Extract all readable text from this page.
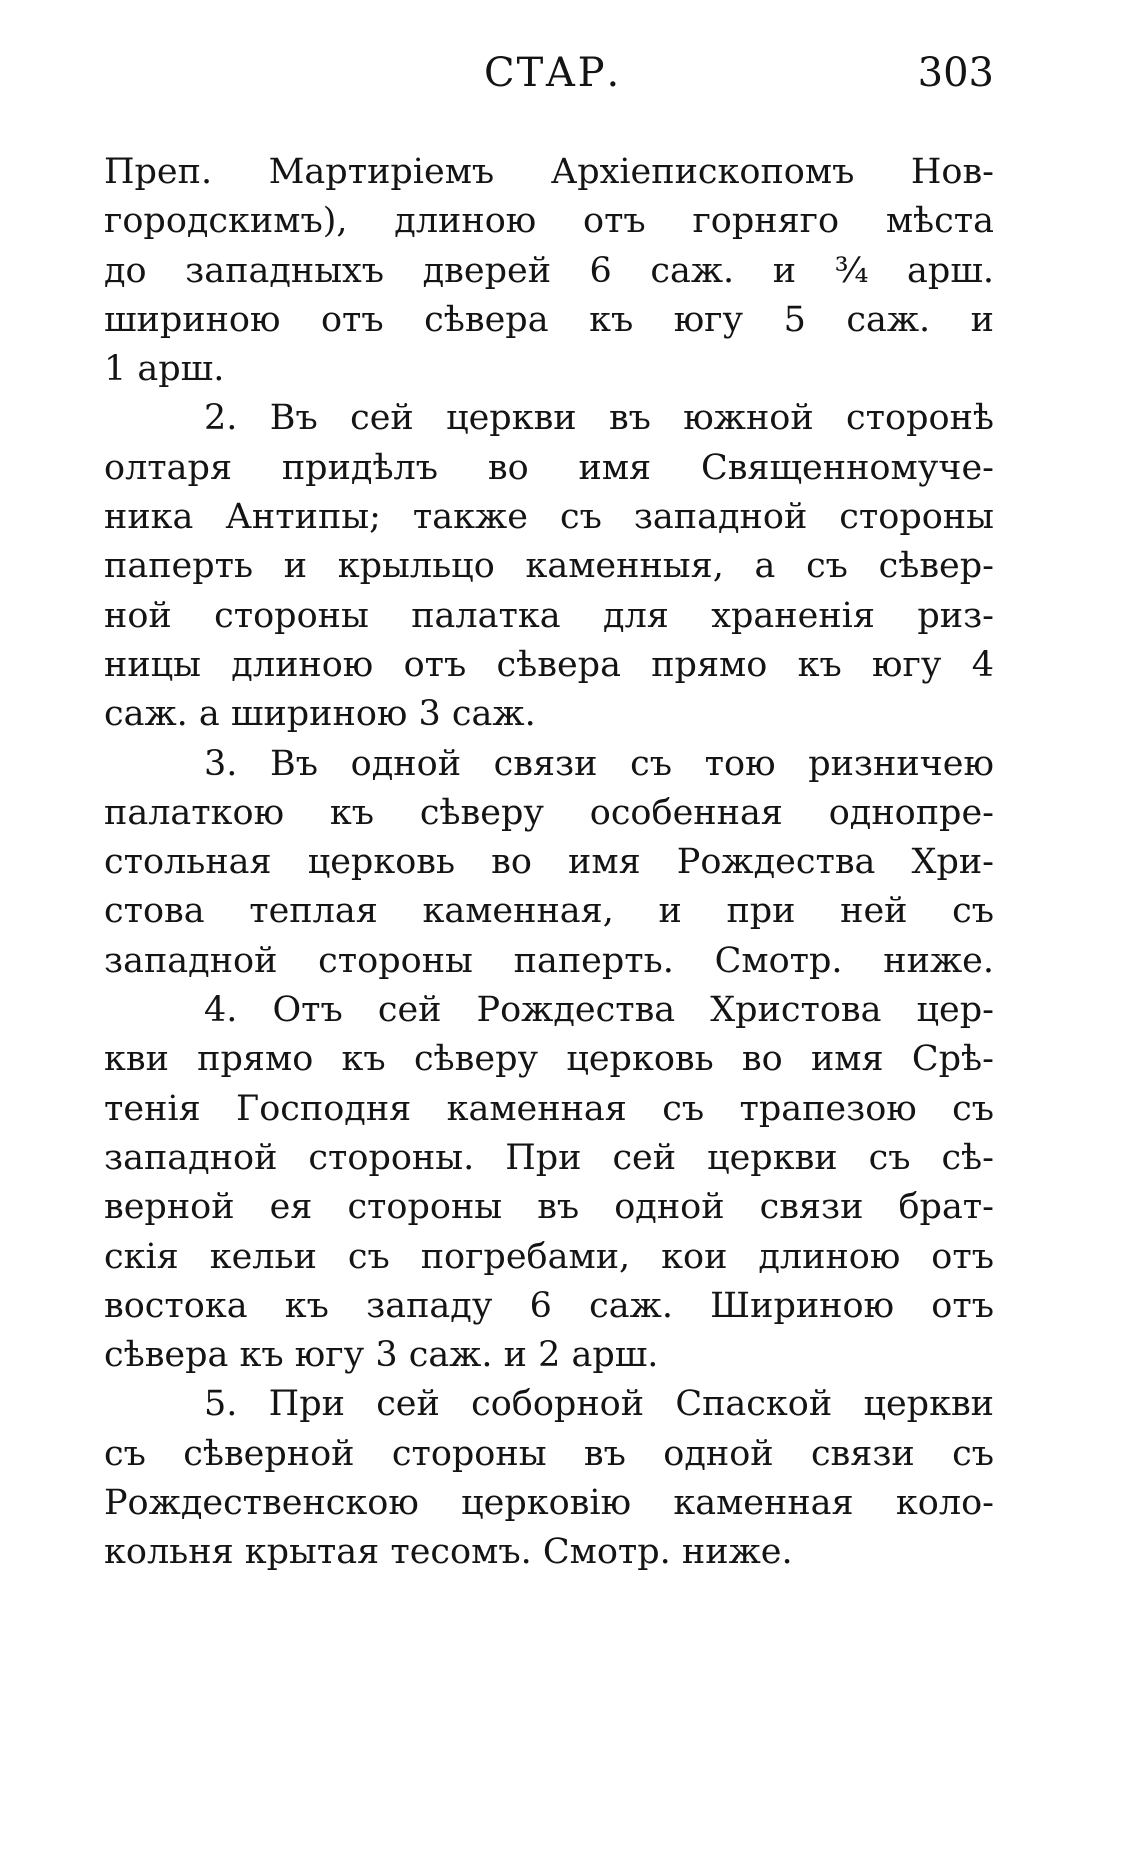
СТАР.	303
Преп. Мартиріемъ Архіепископомъ Нов-
городскимъ), длиною отъ горняго мѣста
до западныхъ дверей 6 саж. и ¾ арш.
шириною отъ сѣвера къ югу 5 саж. и
1 арш.
2. Въ сей церкви въ южной сторонѣ
олтаря придѣлъ во имя Священномуче-
ника Антипы; также съ западной стороны
паперть и крыльцо каменныя, а съ сѣвер-
ной стороны палатка для храненія риз-
ницы длиною отъ сѣвера прямо къ югу 4
саж. а шириною 3 саж.
3. Въ одной связи съ тою ризничею
палаткою къ сѣверу особенная однопре-
стольная церковь во имя Рождества Хри-
стова теплая каменная, и при ней съ
западной стороны паперть. Смотр. ниже.
4. Отъ сей Рождества Христова цер-
кви прямо къ сѣверу церковь во имя Срѣ-
тенія Господня каменная съ трапезою съ
западной стороны. При сей церкви съ сѣ-
верной ея стороны въ одной связи брат-
скія кельи съ погребами, кои длиною отъ
востока къ западу 6 саж. Шириною отъ
сѣвера къ югу 3 саж. и 2 арш.
5. При сей соборной Спаской церкви
съ сѣверной стороны въ одной связи съ
Рождественскою церковію каменная коло-
кольня крытая тесомъ. Смотр. ниже.
